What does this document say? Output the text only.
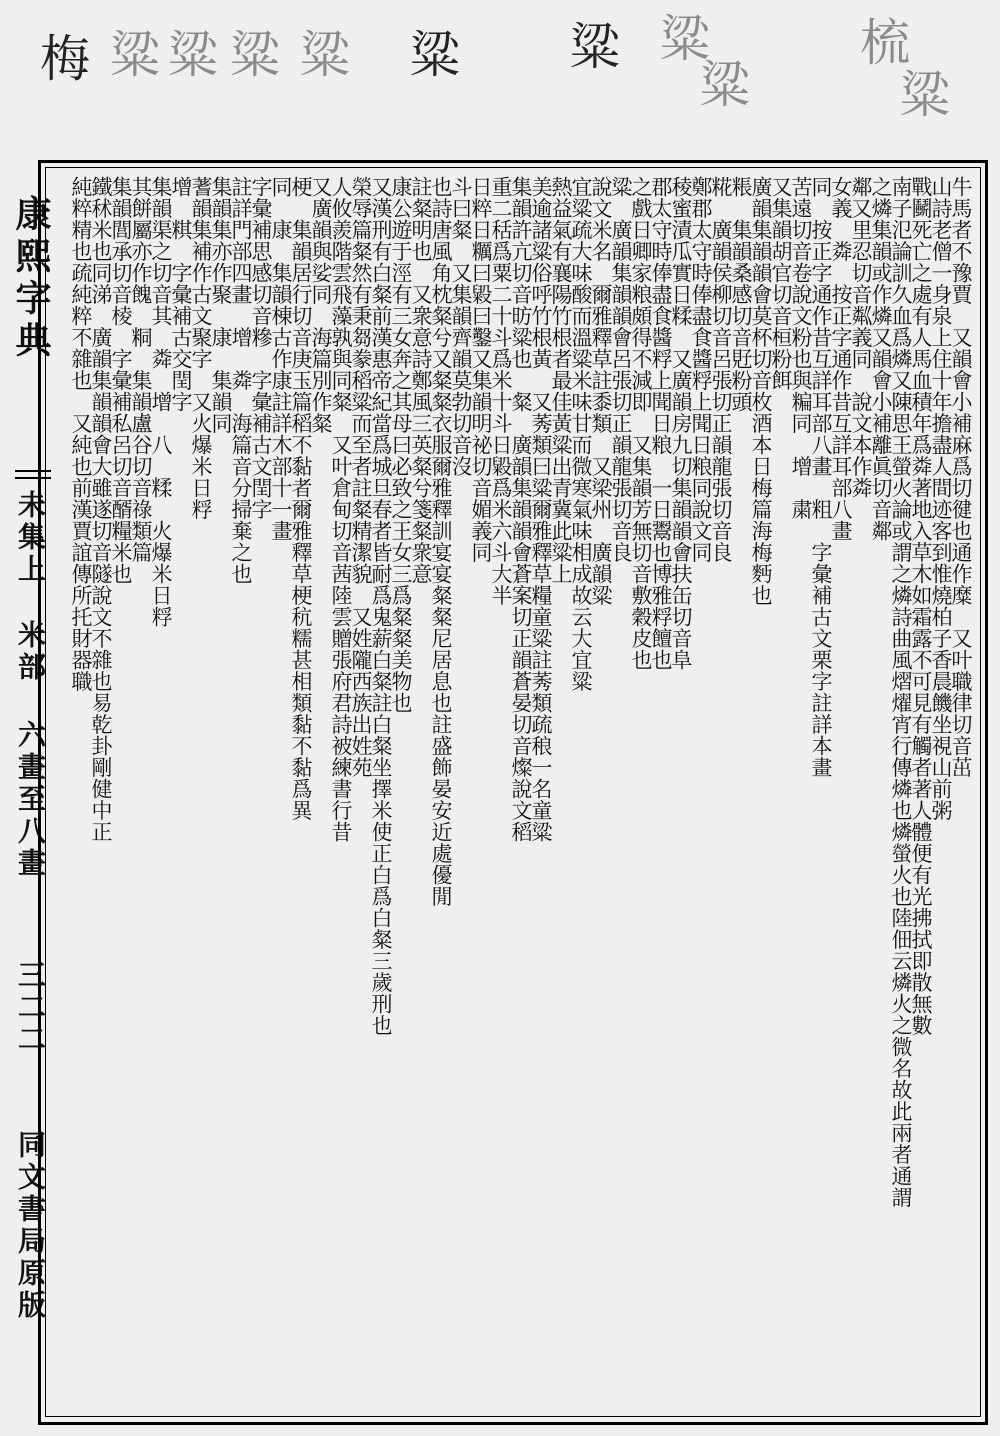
梅 粱 粱 粱 粱 粱 粱 粱
粱
梳
粱
康熙字典
未集上
米部
六畫至八畫
三二二
同文書局原版
牛馬者不豫賈　又韻會小補麻爲切徤也通作糜　又叶職律切音茁
山詩老僧一身泉上住十年擔盡人間迹客到惟燒柏子香晨饑坐視山前粥
戰鬭死亡之處有人馬血積年爲粦著地入草木如霜露不可見有觸者著人體便有光拂拭即散無數
南子氾論訓久血爲燐又陳思王螢火論或謂之燐詩曲風熠燿宵行傳燐也燐螢火也陸佃云燐火之微名故此兩者通謂
之燐集韻或作燐又韻會小補離眞切音鄰
鄰又里忍切音粼義同　說文本作粦
女義　粦　按正字通作昔互詳耳部八畫
同　按正字通作昔互詳耳部八畫　粗　字彙補古文栗字註詳本畫
苦遠切音卷說文粉也與糄同　增　粛
又集韻胡官切音桓粉餌
廣韻集韻韻會莫杯切音枚酒本日梅篇海梅麪也
粻　集韻桑感切音覎粉頭
糀　廣韻侯柳切音呂張切正韻龍張切音良
鄭郡太守時俸盡食醬粰上聞日粮同說文同
稜蜜漬瓜實日糅　又廣韻房九切集韻韻會扶缶切音阜
郡太守時俸盡食醬粰上聞日粮　一日鬻也博雅粰饘也
之戲日卿家粮頗得不減即　又集韻芳無切音敷穀皮也
粱　廣韻集韻韻會呂張切正韻龍張切音良
說文米名　爾雅釋草註黍類　又梁州　廣韻粱
宜粱疏大味酸而溫粱米味甘而微寒氣味相成故云大宜粱
熱益氣有襄陽竹根者最佳黃粱出青冀此粱上
美逾諸粱俗呼竹根黃　又莠類曰粱爾雅釋草糧童粱註莠類疏稂一名童粱
集韻許亢切音昉粱也　粲　廣韻集韻韻會蒼案切正韻蒼晏切音燦說文稻
重二秳爲粟二十斗爲米十斗日毇爲米六斗大半
日粹日糲曰毇曰鑿又集韻明祕切音媚義同
斗曰粲　又集韻齊韻莫勃切音沒
也詩唐風角枕粲兮又粲粲衣服爾雅釋訓宴宴粲粲尼居息也註盛飾晏安近處優閒
註粲明也　又衆意詩鄭風三英粲兮箋粲衆意
康公遊于涇有三女奔之其母曰必致之王女三爲粲粲美物也
又漢刑有白粲前漢惠帝紀當爲城旦春者皆耐爲鬼薪白粲註白粲坐擇米使正白爲白粲三歲刑也
榮辱篇粲然有秉芻豢稻粱而至者註粲精潔貌　又姓隴西族出姓苑
人攸羨階雲飛藻孰與同粲　又叶倉甸切音茜陸雲贈張府君詩被練書行昔
又廣韻與娑同　海篇別作粲
梗　集韻居行切音庚玉篇稻不黏者爾雅釋草梗秔糯甚相類黏不黏爲異
同　康　集韻棟古作康註詳木部十一畫
字彙補思感切音糝　字彙補古文閏字
註詳門部四畫　增　粦　海篇音分掃棄之也
集韻集亦作聚　康　集韻同
蓍韻集補作古文聚字　又火爆米日粰
增　粸　字彙補古交閏字
集韻渠之切音其　粦　增　八　糅　火爆米日粰
其餅屬亦作餽　粡　集韻盧谷切音祿類篇
集韻閭承切音棱　字彙補私呂切音醑糧米也
鐵秫米也同涕　廣韻集韻韻會大雖遂切音隧說文不雜也易乾卦剛健中正
純粹精也疏純粹不雜也　又純也前漢賈誼傳所托財器職
